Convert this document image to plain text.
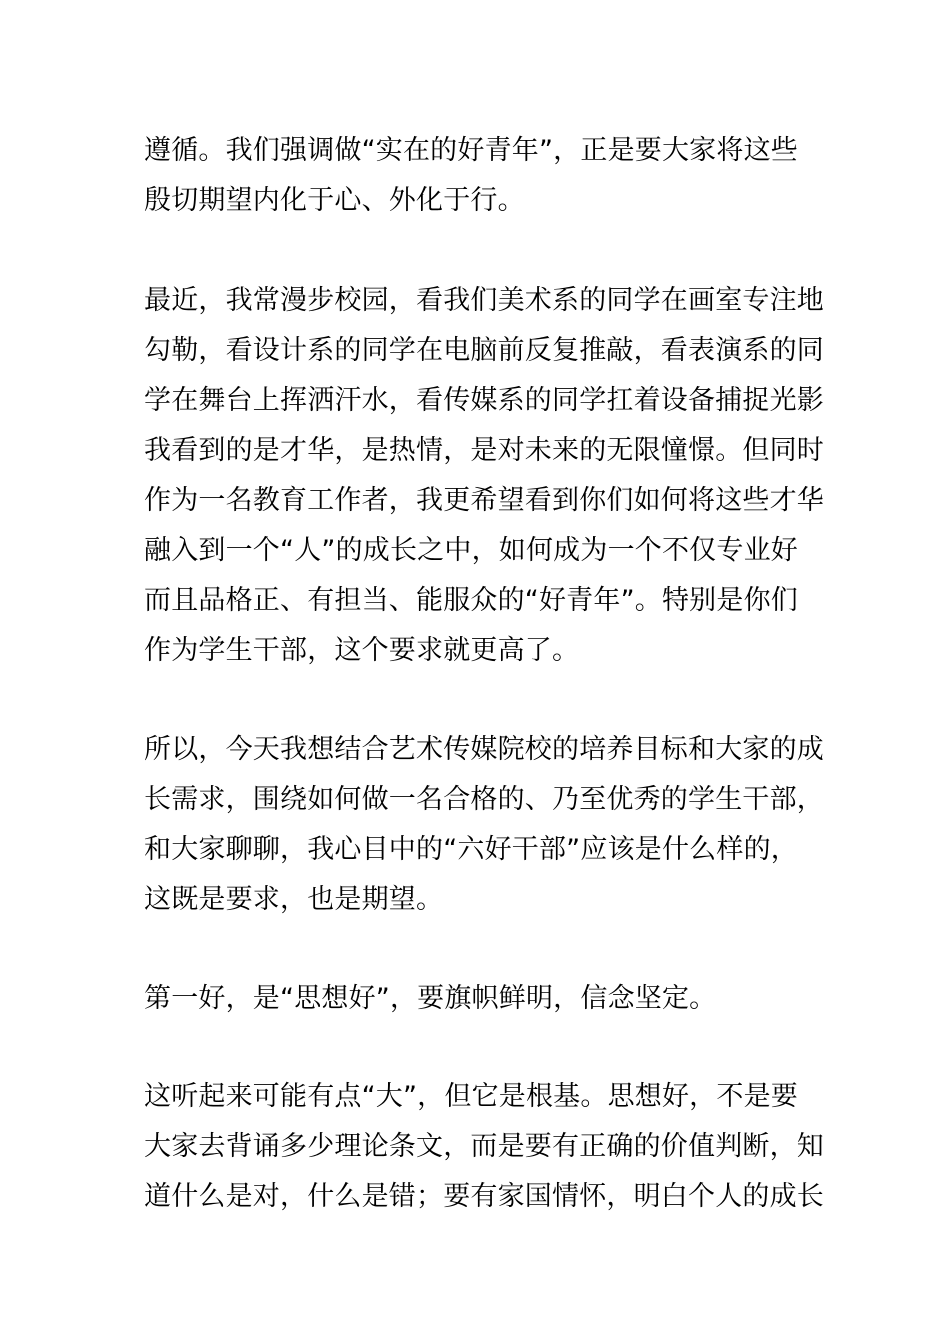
遵循。我们强调做“实在的好青年”，正是要大家将这些
殷切期望内化于心、外化于行。
最近，我常漫步校园，看我们美术系的同学在画室专注地
勾勒，看设计系的同学在电脑前反复推敲，看表演系的同
学在舞台上挥洒汗水，看传媒系的同学扛着设备捕捉光影
我看到的是才华，是热情，是对未来的无限憧憬。但同时
作为一名教育工作者，我更希望看到你们如何将这些才华
融入到一个“人”的成长之中，如何成为一个不仅专业好
而且品格正、有担当、能服众的“好青年”。特别是你们
作为学生干部，这个要求就更高了。
所以，今天我想结合艺术传媒院校的培养目标和大家的成
长需求，围绕如何做一名合格的、乃至优秀的学生干部，
和大家聊聊，我心目中的“六好干部”应该是什么样的，
这既是要求，也是期望。
第一好，是“思想好”，要旗帜鲜明，信念坚定。
这听起来可能有点“大”，但它是根基。思想好，不是要
大家去背诵多少理论条文，而是要有正确的价值判断，知
道什么是对，什么是错；要有家国情怀，明白个人的成长
